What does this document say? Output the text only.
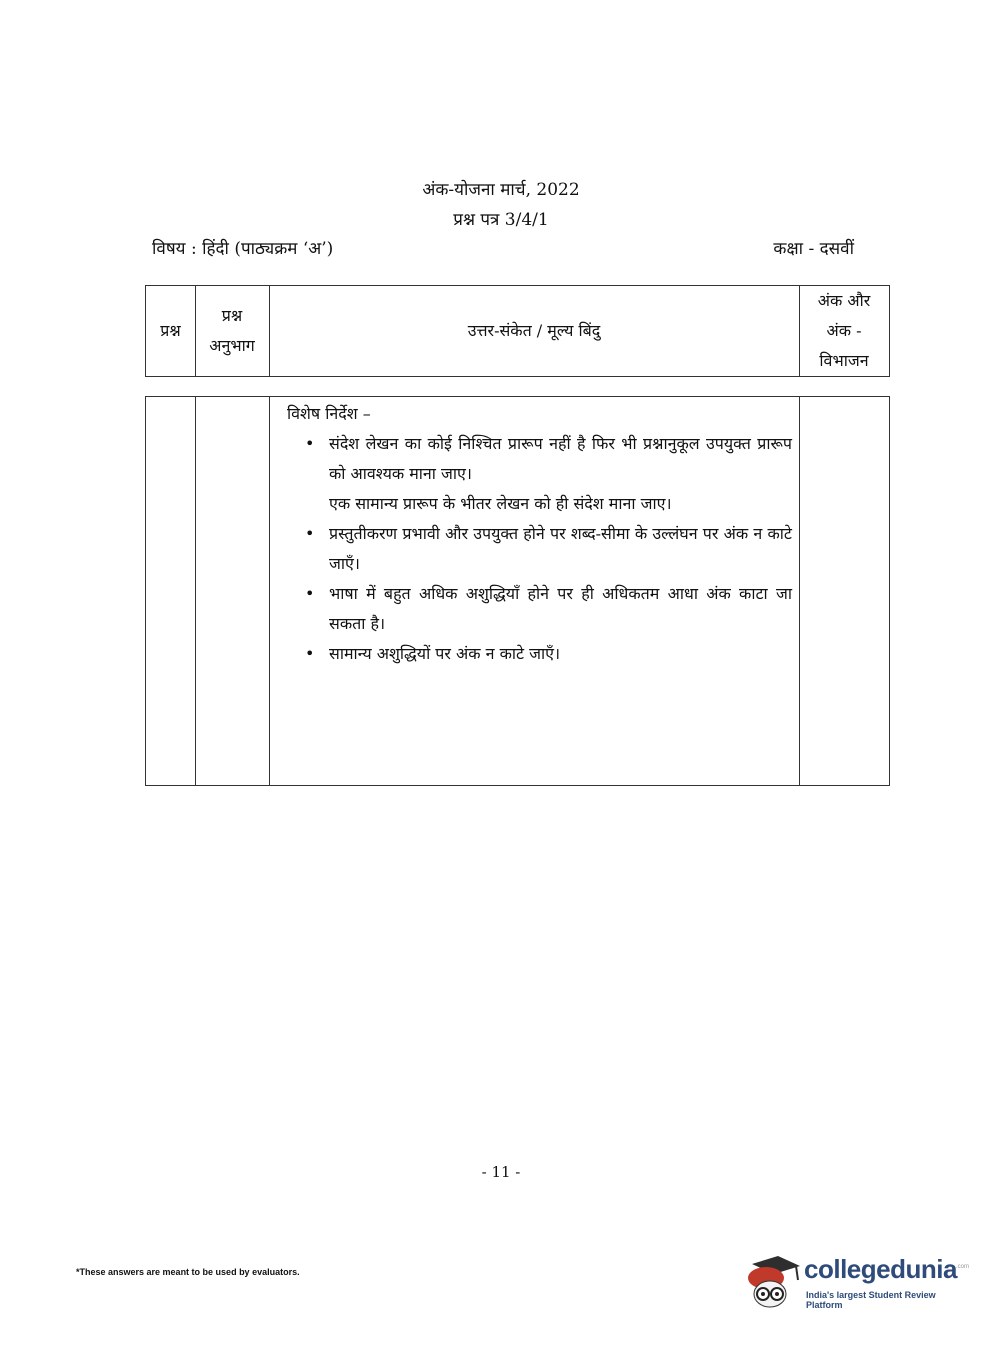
अंक-योजना मार्च, 2022
प्रश्न पत्र 3/4/1
विषय : हिंदी (पाठ्यक्रम ‘अ’)	कक्षा - दसवीं
प्रश्न
प्रश्न
अनुभाग
उत्तर-संकेत / मूल्य बिंदु
अंक और
अंक -
विभाजन
विशेष निर्देश –
• संदेश लेखन का कोई निश्चित प्रारूप नहीं है फिर भी प्रश्नानुकूल उपयुक्त प्रारूप को आवश्यक माना जाए।
एक सामान्य प्रारूप के भीतर लेखन को ही संदेश माना जाए।
• प्रस्तुतीकरण प्रभावी और उपयुक्त होने पर शब्द-सीमा के उल्लंघन पर अंक न काटे जाएँ।
• भाषा में बहुत अधिक अशुद्धियाँ होने पर ही अधिकतम आधा अंक काटा जा सकता है।
• सामान्य अशुद्धियों पर अंक न काटे जाएँ।
- 11 -
*These answers are meant to be used by evaluators.	collegedunia .com
India's largest Student Review Platform
